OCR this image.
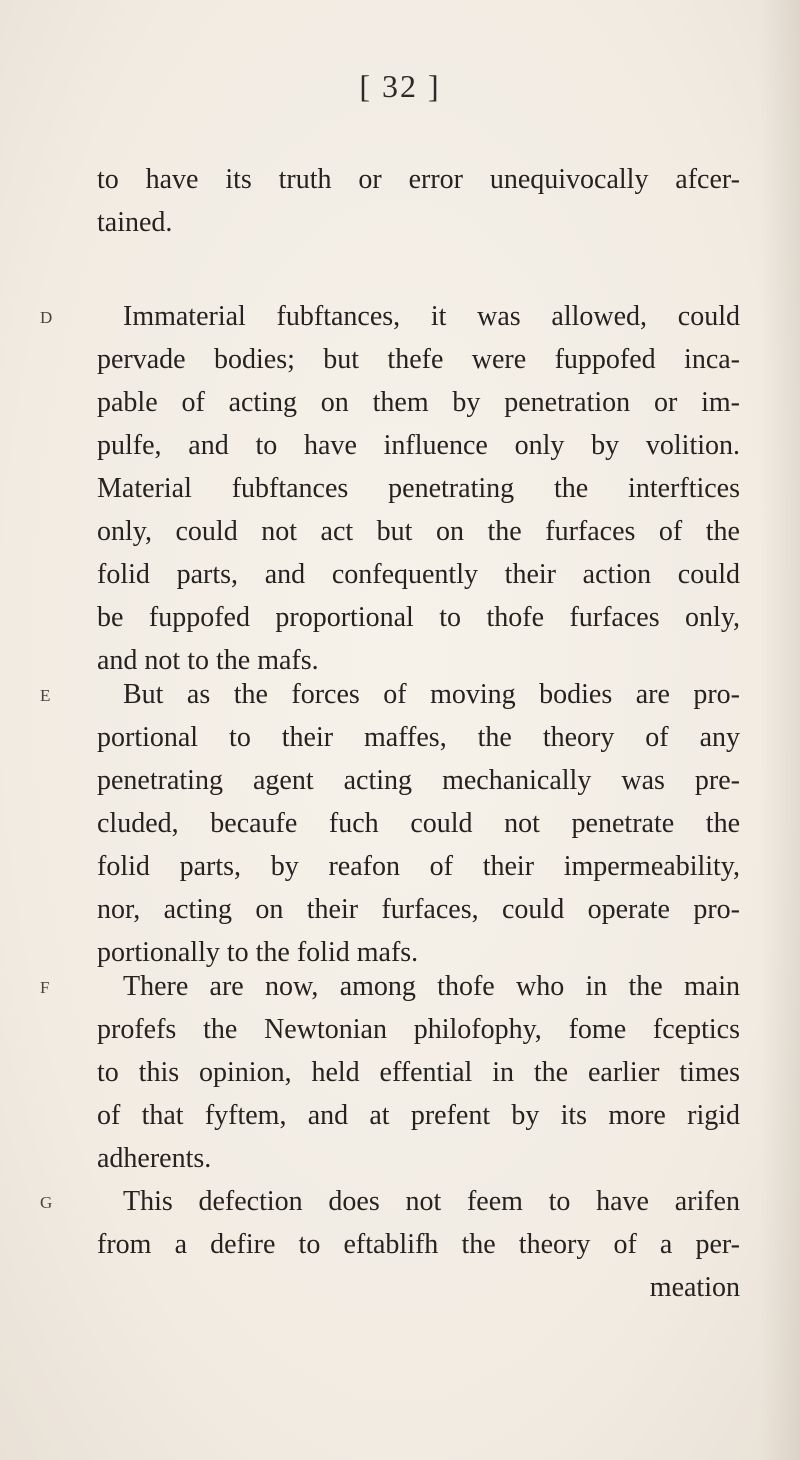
[ 32 ]
to have its truth or error unequivocally afcer-
tained.
D	Immaterial fubftances, it was allowed, could
pervade bodies; but thefe were fuppofed inca-
pable of acting on them by penetration or im-
pulfe, and to have influence only by volition.
Material fubftances penetrating the interftices
only, could not act but on the furfaces of the
folid parts, and confequently their action could
be fuppofed proportional to thofe furfaces only,
and not to the mafs.
E	But as the forces of moving bodies are pro-
portional to their maffes, the theory of any
penetrating agent acting mechanically was pre-
cluded, becaufe fuch could not penetrate the
folid parts, by reafon of their impermeability,
nor, acting on their furfaces, could operate pro-
portionally to the folid mafs.
F	There are now, among thofe who in the main
profefs the Newtonian philofophy, fome fceptics
to this opinion, held effential in the earlier times
of that fyftem, and at prefent by its more rigid
adherents.
G	This defection does not feem to have arifen
from a defire to eftablifh the theory of a per-
meation
